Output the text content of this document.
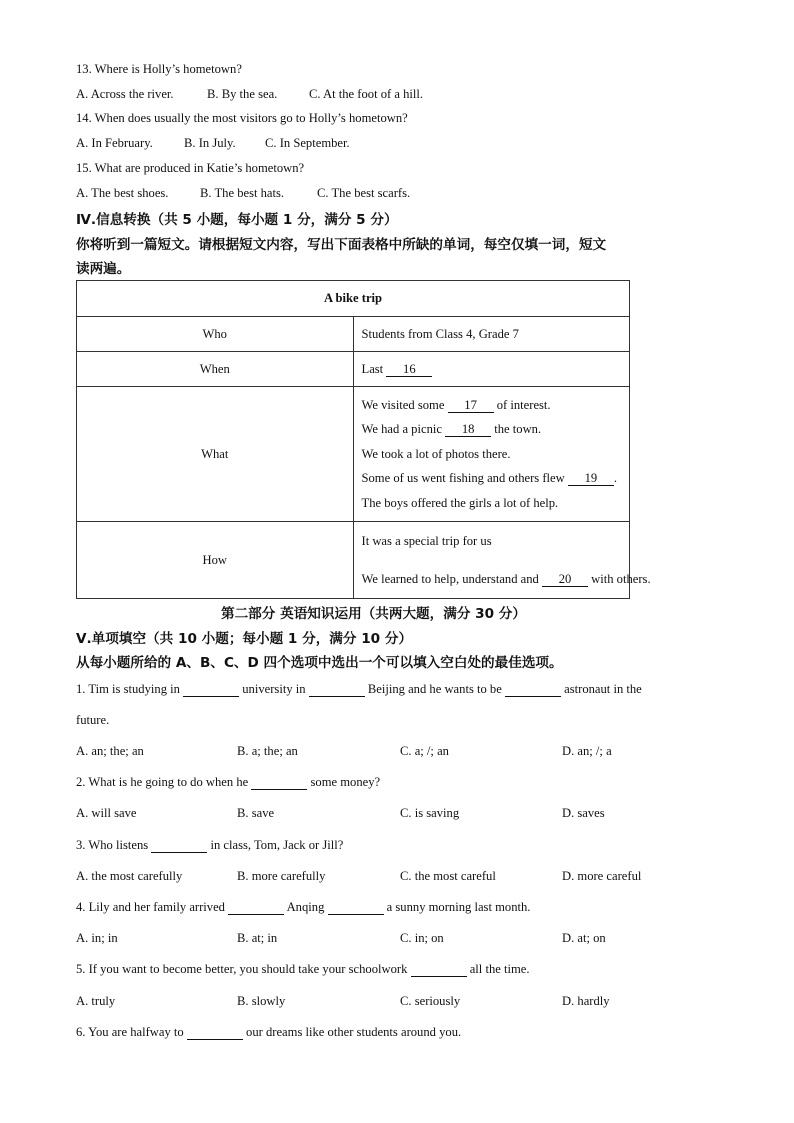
13. Where is Holly’s hometown?
A. Across the river.	B. By the sea.	C. At the foot of a hill.
14. When does usually the most visitors go to Holly’s hometown?
A. In February. B. In July. C. In September.
15. What are produced in Katie’s hometown?
A. The best shoes.	B. The best hats.	C. The best scarfs.
Ⅳ.信息转换（共 5 小题，每小题 1 分，满分 5 分）
你将听到一篇短文。请根据短文内容，写出下面表格中所缺的单词，每空仅填一词，短文
读两遍。
A bike trip	
Who	Students from Class 4, Grade 7
When	Last 16
What	We visited some 17 of interest.
We had a picnic 18 the town.
We took a lot of photos there.
Some of us went fishing and others flew 19 .
The boys offered the girls a lot of help.

How	It was a special trip for us
We learned to help, understand and 20 with others.
第二部分 英语知识运用（共两大题，满分 30 分）
Ⅴ.单项填空（共 10 小题；每小题 1 分，满分 10 分）
从每小题所给的 A、B、C、D 四个选项中选出一个可以填入空白处的最佳选项。
1. Tim is studying in	university in	Beijing and he wants to be	astronaut in the
future.
A. an; the; an	B. a; the; an	C. a; /; an	D. an; /; a
2. What is he going to do when he	some money?
A. will save	B. save	C. is saving	D. saves
3. Who listens	in class, Tom, Jack or Jill?
A. the most carefully	B. more carefully	C. the most careful	D. more careful
4. Lily and her family arrived	Anqing	a sunny morning last month.
A. in; in	B. at; in	C. in; on	D. at; on
5. If you want to become better, you should take your schoolwork	all the time.
A. truly	B. slowly	C. seriously	D. hardly
6. You are halfway to	our dreams like other students around you.
